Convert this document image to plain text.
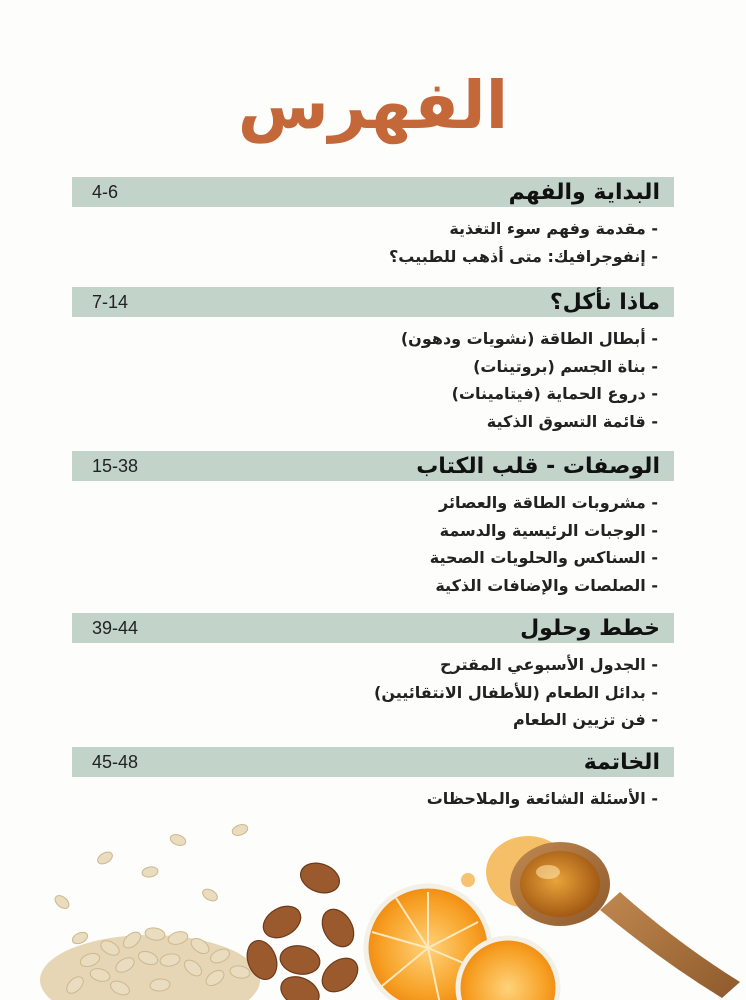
الفهرس
البداية والفهم
4-6
- مقدمة وفهم سوء التغذية
- إنفوجرافيك: متى أذهب للطبيب؟
ماذا نأكل؟
7-14
- أبطال الطاقة (نشويات ودهون)
- بناة الجسم (بروتينات)
- دروع الحماية (فيتامينات)
- قائمة التسوق الذكية
الوصفات - قلب الكتاب
15-38
- مشروبات الطاقة والعصائر
- الوجبات الرئيسية والدسمة
- السناكس والحلويات الصحية
- الصلصات والإضافات الذكية
خطط وحلول
39-44
- الجدول الأسبوعي المقترح
- بدائل الطعام (للأطفال الانتقائيين)
- فن تزيين الطعام
الخاتمة
45-48
- الأسئلة الشائعة والملاحظات
